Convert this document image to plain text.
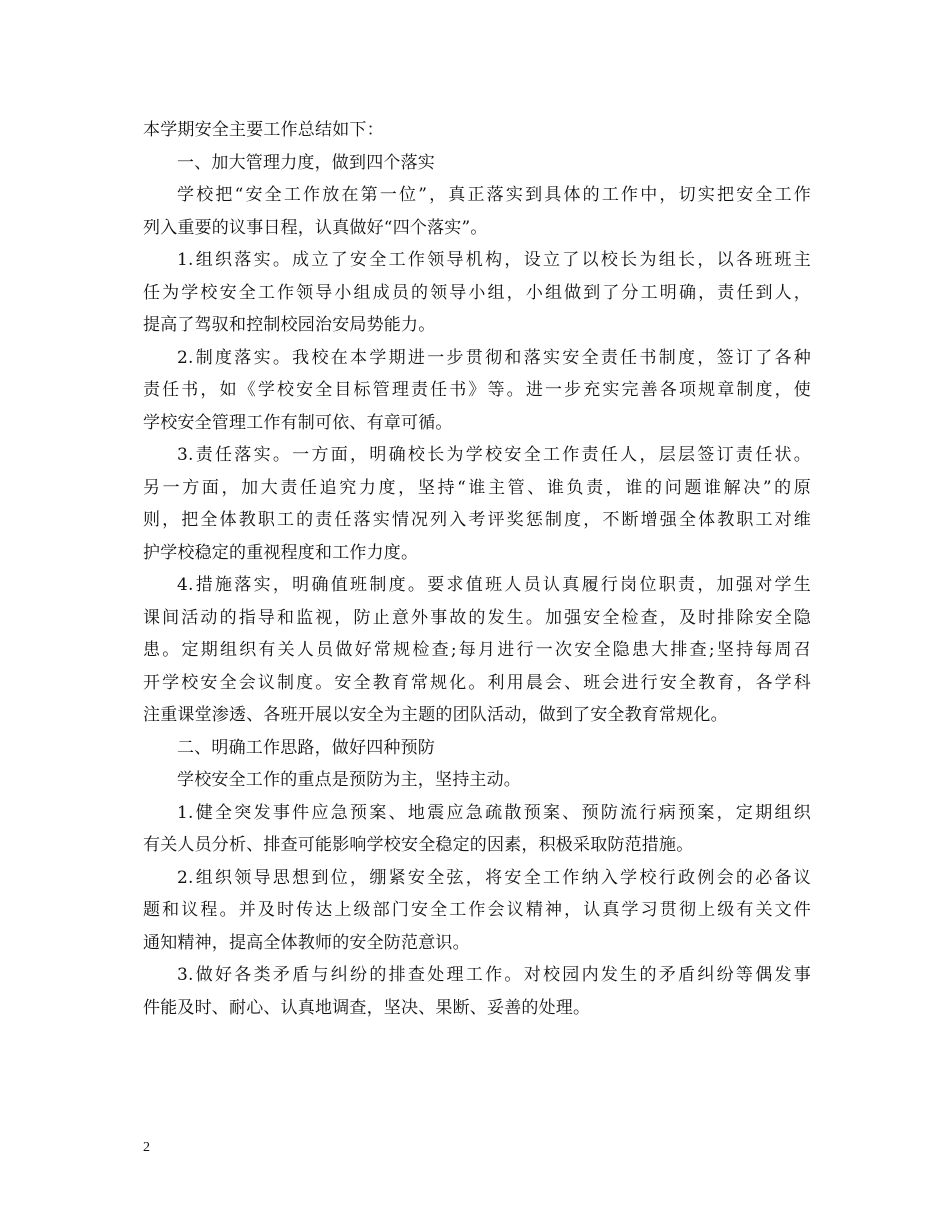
本学期安全主要工作总结如下：
一、加大管理力度，做到四个落实
学校把“安全工作放在第一位”，真正落实到具体的工作中，切实把安全工作
列入重要的议事日程，认真做好“四个落实”。
1.组织落实。成立了安全工作领导机构，设立了以校长为组长，以各班班主
任为学校安全工作领导小组成员的领导小组，小组做到了分工明确，责任到人，
提高了驾驭和控制校园治安局势能力。
2.制度落实。我校在本学期进一步贯彻和落实安全责任书制度，签订了各种
责任书，如《学校安全目标管理责任书》等。进一步充实完善各项规章制度，使
学校安全管理工作有制可依、有章可循。
3.责任落实。一方面，明确校长为学校安全工作责任人，层层签订责任状。
另一方面，加大责任追究力度，坚持“谁主管、谁负责，谁的问题谁解决”的原
则，把全体教职工的责任落实情况列入考评奖惩制度，不断增强全体教职工对维
护学校稳定的重视程度和工作力度。
4.措施落实，明确值班制度。要求值班人员认真履行岗位职责，加强对学生
课间活动的指导和监视，防止意外事故的发生。加强安全检查，及时排除安全隐
患。定期组织有关人员做好常规检查;每月进行一次安全隐患大排查;坚持每周召
开学校安全会议制度。安全教育常规化。利用晨会、班会进行安全教育，各学科
注重课堂渗透、各班开展以安全为主题的团队活动，做到了安全教育常规化。
二、明确工作思路，做好四种预防
学校安全工作的重点是预防为主，坚持主动。
1.健全突发事件应急预案、地震应急疏散预案、预防流行病预案，定期组织
有关人员分析、排查可能影响学校安全稳定的因素，积极采取防范措施。
2.组织领导思想到位，绷紧安全弦，将安全工作纳入学校行政例会的必备议
题和议程。并及时传达上级部门安全工作会议精神，认真学习贯彻上级有关文件
通知精神，提高全体教师的安全防范意识。
3.做好各类矛盾与纠纷的排查处理工作。对校园内发生的矛盾纠纷等偶发事
件能及时、耐心、认真地调查，坚决、果断、妥善的处理。
2
